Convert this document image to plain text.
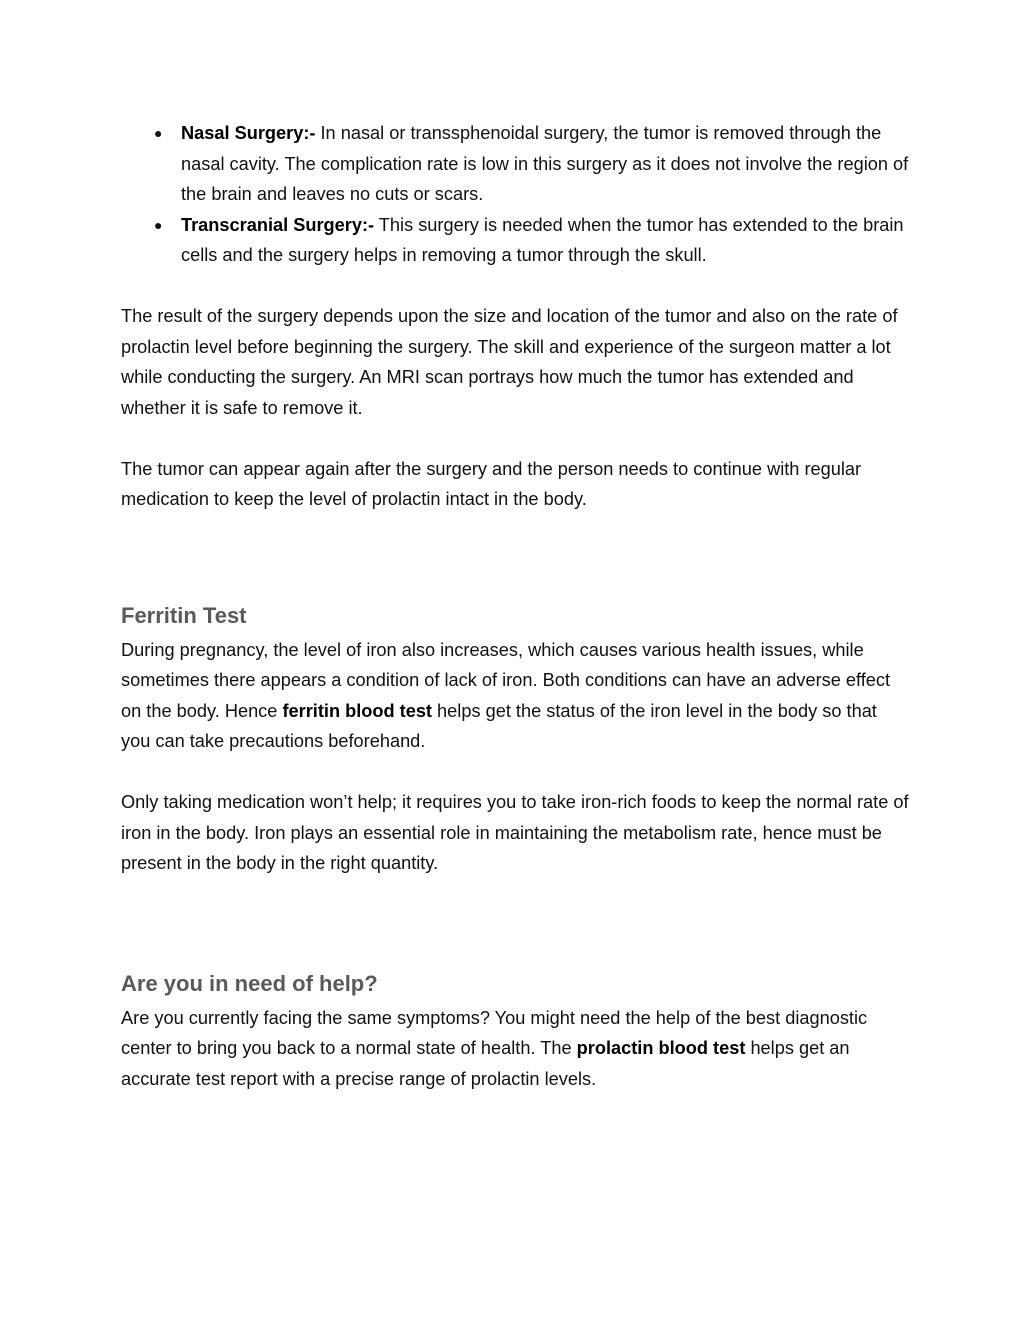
● Nasal Surgery:- In nasal or transsphenoidal surgery, the tumor is removed through the nasal cavity. The complication rate is low in this surgery as it does not involve the region of the brain and leaves no cuts or scars.
● Transcranial Surgery:- This surgery is needed when the tumor has extended to the brain cells and the surgery helps in removing a tumor through the skull.

The result of the surgery depends upon the size and location of the tumor and also on the rate of prolactin level before beginning the surgery. The skill and experience of the surgeon matter a lot while conducting the surgery. An MRI scan portrays how much the tumor has extended and whether it is safe to remove it.

The tumor can appear again after the surgery and the person needs to continue with regular medication to keep the level of prolactin intact in the body.

Ferritin Test

During pregnancy, the level of iron also increases, which causes various health issues, while sometimes there appears a condition of lack of iron. Both conditions can have an adverse effect on the body. Hence ferritin blood test helps get the status of the iron level in the body so that you can take precautions beforehand.

Only taking medication won’t help; it requires you to take iron-rich foods to keep the normal rate of iron in the body. Iron plays an essential role in maintaining the metabolism rate, hence must be present in the body in the right quantity.

Are you in need of help?

Are you currently facing the same symptoms? You might need the help of the best diagnostic center to bring you back to a normal state of health. The prolactin blood test helps get an accurate test report with a precise range of prolactin levels.
